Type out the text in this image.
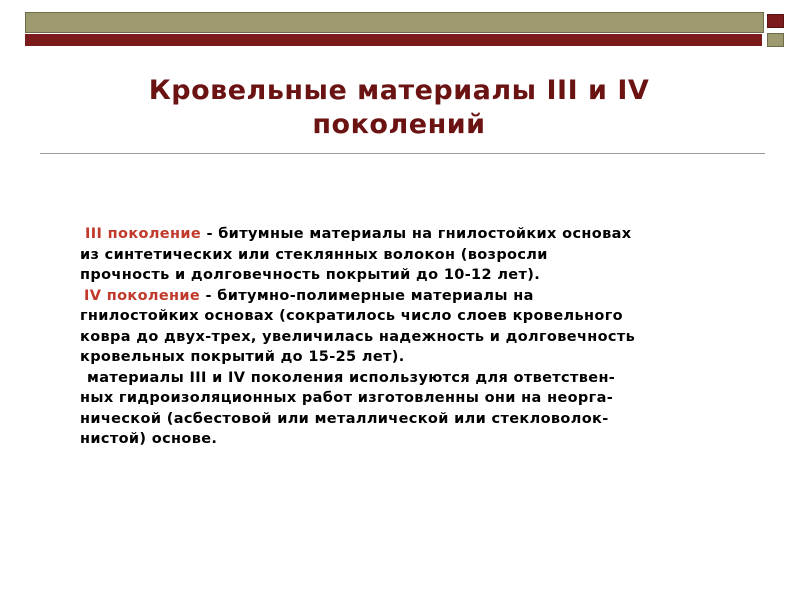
Кровельные материалы III и IV
поколений
III поколение - битумные материалы на гнилостойких основах
из синтетических или стеклянных волокон (возросли
прочность и долговечность покрытий до 10-12 лет).
IV поколение - битумно-полимерные материалы на
гнилостойких основах (сократилось число слоев кровельного
ковра до двух-трех, увеличилась надежность и долговечность
кровельных покрытий до 15-25 лет).
материалы III и IV поколения используются для ответствен-
ных гидроизоляционных работ изготовленны они на неорга-
нической (асбестовой или металлической или стекловолок-
нистой) основе.
